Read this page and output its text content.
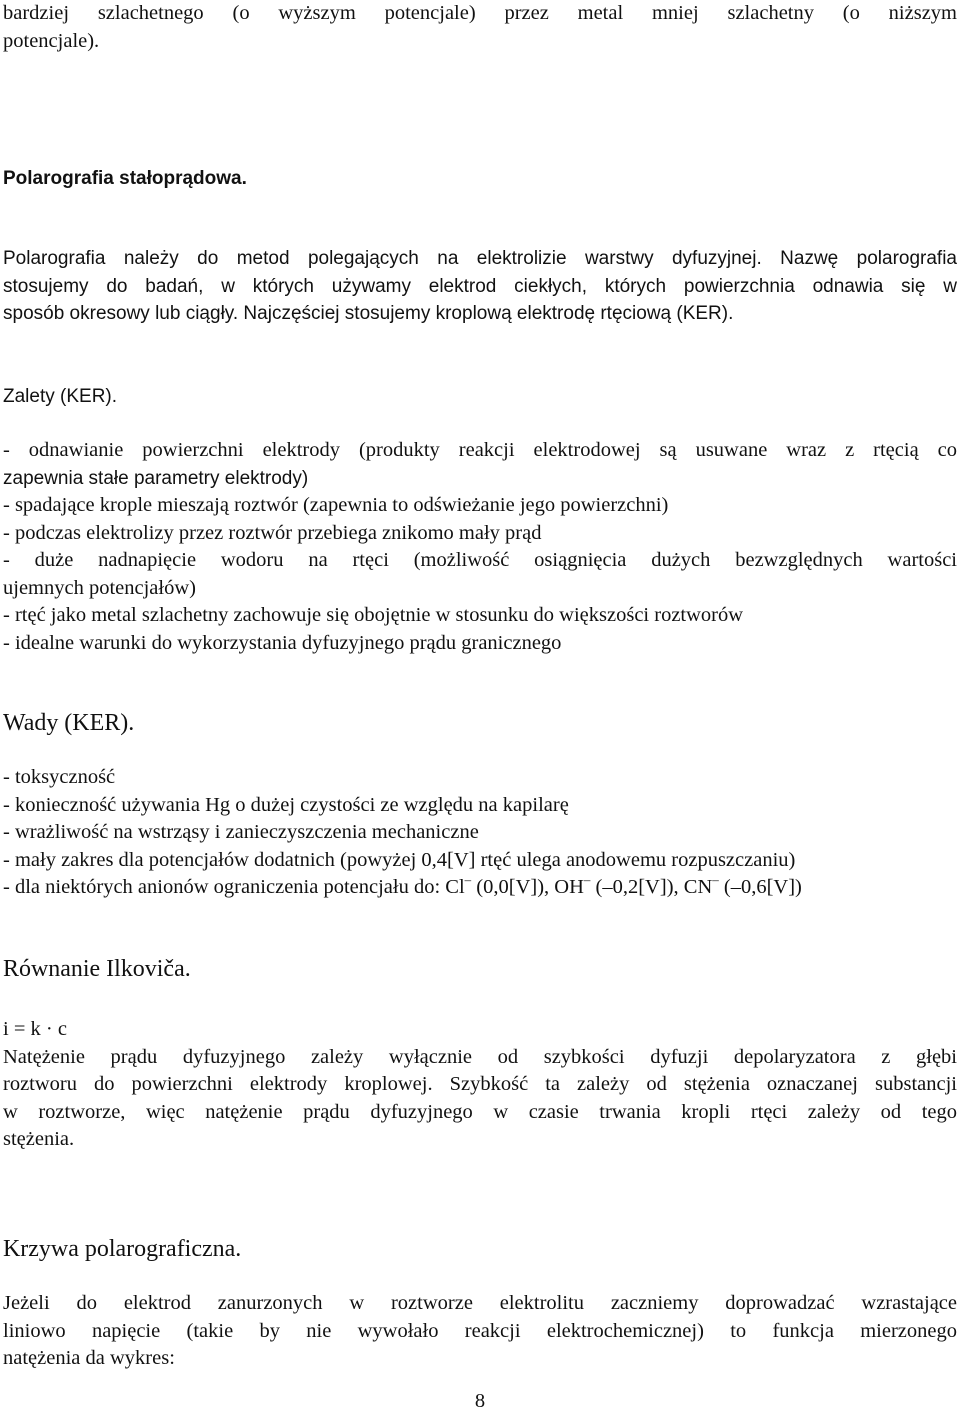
bardziej szlachetnego (o wyższym potencjale) przez metal mniej szlachetny (o niższym
potencjale).

Polarografia stałoprądowa.

Polarografia należy do metod polegających na elektrolizie warstwy dyfuzyjnej. Nazwę polarografia
stosujemy do badań, w których używamy elektrod ciekłych, których powierzchnia odnawia się w
sposób okresowy lub ciągły. Najczęściej stosujemy kroplową elektrodę rtęciową (KER).

Zalety (KER).
- odnawianie powierzchni elektrody (produkty reakcji elektrodowej są usuwane wraz z rtęcią co
zapewnia stałe parametry elektrody)
- spadające krople mieszają roztwór (zapewnia to odświeżanie jego powierzchni)
- podczas elektrolizy przez roztwór przebiega znikomo mały prąd
- duże nadnapięcie wodoru na rtęci (możliwość osiągnięcia dużych bezwzględnych wartości
ujemnych potencjałów)
- rtęć jako metal szlachetny zachowuje się obojętnie w stosunku do większości roztworów
- idealne warunki do wykorzystania dyfuzyjnego prądu granicznego
Wady (KER).
- toksyczność
- konieczność używania Hg o dużej czystości ze względu na kapilarę
- wrażliwość na wstrząsy i zanieczyszczenia mechaniczne
- mały zakres dla potencjałów dodatnich (powyżej 0,4[V] rtęć ulega anodowemu rozpuszczaniu)
- dla niektórych anionów ograniczenia potencjału do: Cl– (0,0[V]), OH– (–0,2[V]), CN– (–0,6[V])
Równanie Ilkoviča.
i = k · c
Natężenie prądu dyfuzyjnego zależy wyłącznie od szybkości dyfuzji depolaryzatora z głębi
roztworu do powierzchni elektrody kroplowej. Szybkość ta zależy od stężenia oznaczanej substancji
w roztworze, więc natężenie prądu dyfuzyjnego w czasie trwania kropli rtęci zależy od tego
stężenia.
Krzywa polarograficzna.

Jeżeli do elektrod zanurzonych w roztworze elektrolitu zaczniemy doprowadzać wzrastające
liniowo napięcie (takie by nie wywołało reakcji elektrochemicznej) to funkcja mierzonego
natężenia da wykres:

8
